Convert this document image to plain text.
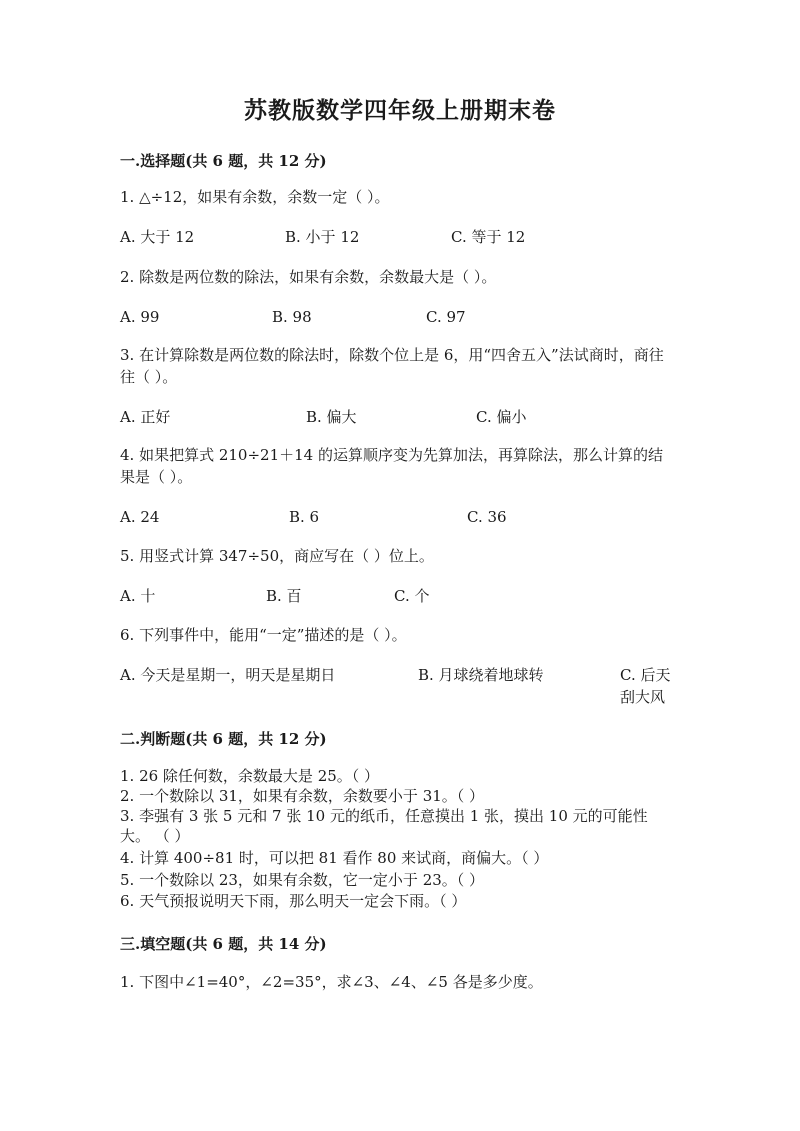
苏教版数学四年级上册期末卷
一.选择题(共 6 题，共 12 分)
1. △÷12，如果有余数，余数一定（ ）。
A. 大于 12	B. 小于 12	C. 等于 12
2. 除数是两位数的除法，如果有余数，余数最大是（ ）。
A. 99	B. 98	C. 97
3. 在计算除数是两位数的除法时，除数个位上是 6，用“四舍五入”法试商时，商往往（ ）。
A. 正好	B. 偏大	C. 偏小
4. 如果把算式 210÷21＋14 的运算顺序变为先算加法，再算除法，那么计算的结果是（ ）。
A. 24	B. 6	C. 36
5. 用竖式计算 347÷50，商应写在（ ）位上。
A. 十	B. 百	C. 个
6. 下列事件中，能用“一定”描述的是（ ）。
A. 今天是星期一，明天是星期日	B. 月球绕着地球转	C. 后天刮大风
二.判断题(共 6 题，共 12 分)
1. 26 除任何数，余数最大是 25。（ ）
2. 一个数除以 31，如果有余数，余数要小于 31。（ ）
3. 李强有 3 张 5 元和 7 张 10 元的纸币，任意摸出 1 张，摸出 10 元的可能性大。 （ ）
4. 计算 400÷81 时，可以把 81 看作 80 来试商，商偏大。（ ）
5. 一个数除以 23，如果有余数，它一定小于 23。（ ）
6. 天气预报说明天下雨，那么明天一定会下雨。（ ）
三.填空题(共 6 题，共 14 分)
1. 下图中∠1=40°，∠2=35°，求∠3、∠4、∠5 各是多少度。
